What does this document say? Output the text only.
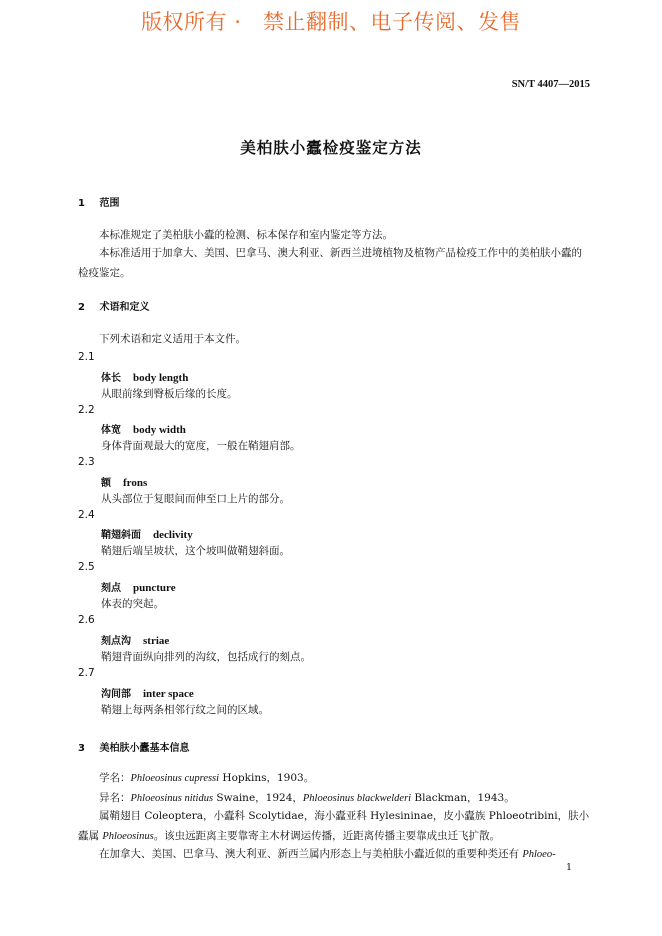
版权所有 ·   禁止翻制、电子传阅、发售
SN/T 4407—2015
美柏肤小蠹检疫鉴定方法
1 范围
本标准规定了美柏肤小蠹的检测、标本保存和室内鉴定等方法。
本标准适用于加拿大、美国、巴拿马、澳大利亚、新西兰进境植物及植物产品检疫工作中的美柏肤小蠹的检疫鉴定。
2 术语和定义
下列术语和定义适用于本文件。
2.1
体长 body length
从眼前缘到臀板后缘的长度。
2.2
体宽 body width
身体背面观最大的宽度，一般在鞘翅肩部。
2.3
额 frons
从头部位于复眼间而伸至口上片的部分。
2.4
鞘翅斜面 declivity
鞘翅后端呈坡状，这个坡叫做鞘翅斜面。
2.5
刻点 puncture
体表的突起。
2.6
刻点沟 striae
鞘翅背面纵向排列的沟纹，包括成行的刻点。
2.7
沟间部 inter space
鞘翅上每两条相邻行纹之间的区域。
3 美柏肤小蠹基本信息
学名：Phloeosinus cupressi Hopkins，1903。
异名：Phloeosinus nitidus Swaine，1924，Phloeosinus blackwelderi Blackman，1943。
属鞘翅目 Coleoptera，小蠹科 Scolytidae，海小蠹亚科 Hylesininae，皮小蠹族 Phloeotribini，肤小蠹属 Phloeosinus。该虫远距离主要靠寄主木材调运传播，近距离传播主要靠成虫迁飞扩散。
在加拿大、美国、巴拿马、澳大利亚、新西兰属内形态上与美柏肤小蠹近似的重要种类还有 Phloeo-
1
